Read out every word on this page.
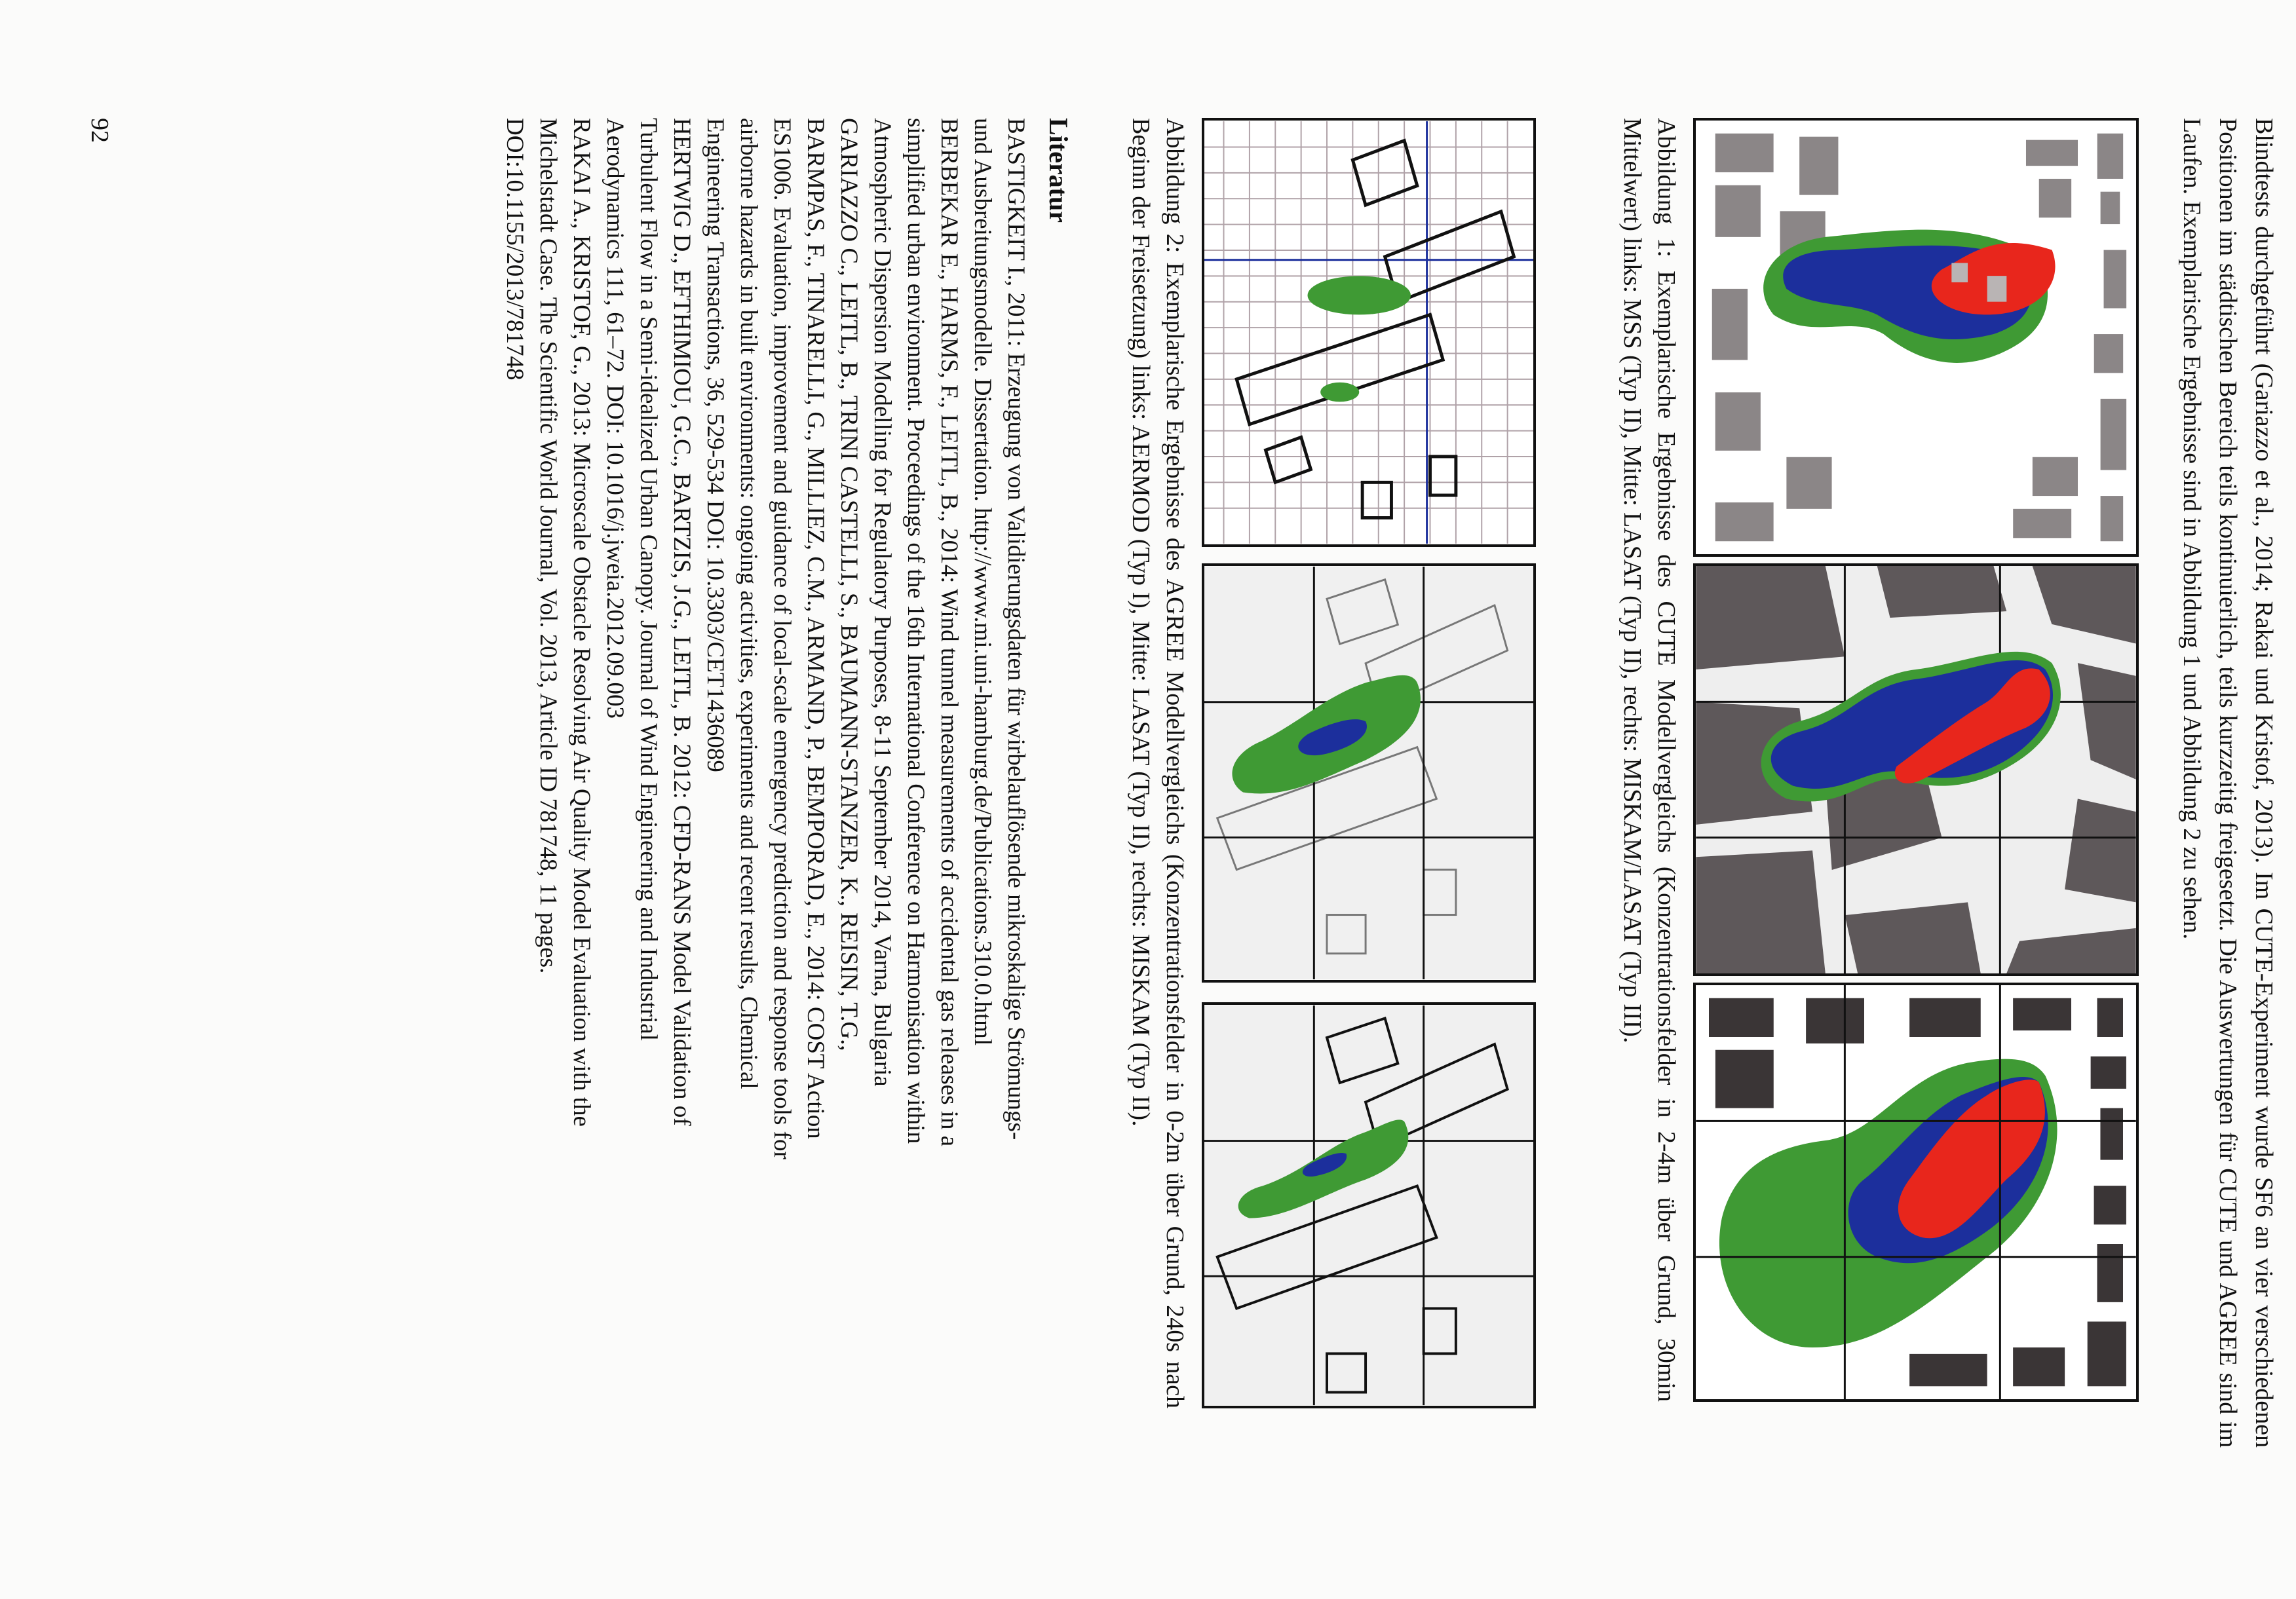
Blindtests durchgeführt (Gariazzo et al., 2014; Rakai und Kristof, 2013). Im CUTE-Experiment wurde SF6 an vier verschiedenen Positionen im städtischen Bereich teils kontinuierlich, teils kurzzeitig freigesetzt. Die Auswertungen für CUTE und AGREE sind im Laufen. Exemplarische Ergebnisse sind in Abbildung 1 und Abbildung 2 zu sehen.
Abbildung 1: Exemplarische Ergebnisse des CUTE Modellvergleichs (Konzentrationsfelder in 2-4m über Grund, 30min Mittelwert) links: MSS (Typ II), Mitte: LASAT (Typ II), rechts: MISKAM/LASAT (Typ III).
Abbildung 2: Exemplarische Ergebnisse des AGREE Modellvergleichs (Konzentrationsfelder in 0-2m über Grund, 240s nach Beginn der Freisetzung) links: AERMOD (Typ I), Mitte: LASAT (Typ II), rechts: MISKAM (Typ II).
Literatur

BASTIGKEIT I., 2011: Erzeugung von Validierungsdaten für wirbelauflösende mikroskalige Strömungs-

und Ausbreitungsmodelle. Dissertation. http://www.mi.uni-hamburg.de/Publications.310.0.html

BERBEKAR E., HARMS, F., LEITL, B., 2014: Wind tunnel measurements of accidental gas releases in a

simplified urban environment. Proceedings of the 16th International Conference on Harmonisation within

Atmospheric Dispersion Modelling for Regulatory Purposes, 8-11 September 2014, Varna, Bulgaria

GARIAZZO C., LEITL, B., TRINI CASTELLI, S., BAUMANN-STANZER, K., REISIN, T.G.,

BARMPAS, F., TINARELLI, G., MILLIEZ, C.M., ARMAND, P., BEMPORAD, E., 2014: COST Action

ES1006. Evaluation, improvement and guidance of local-scale emergency prediction and response tools for

airborne hazards in built environments: ongoing activities, experiments and recent results, Chemical

Engineering Transactions, 36, 529-534 DOI: 10.3303/CET1436089

HERTWIG D., EFTHIMIOU, G.C., BARTZIS, J.G., LEITL, B. 2012: CFD-RANS Model Validation of

Turbulent Flow in a Semi-idealized Urban Canopy. Journal of Wind Engineering and Industrial

Aerodynamics 111, 61–72. DOI: 10.1016/j.jweia.2012.09.003

RAKAI A., KRISTOF, G., 2013: Microscale Obstacle Resolving Air Quality Model Evaluation with the

Michelstadt Case. The Scientific World Journal, Vol. 2013, Article ID 781748, 11 pages.

DOI:10.1155/2013/781748

92
